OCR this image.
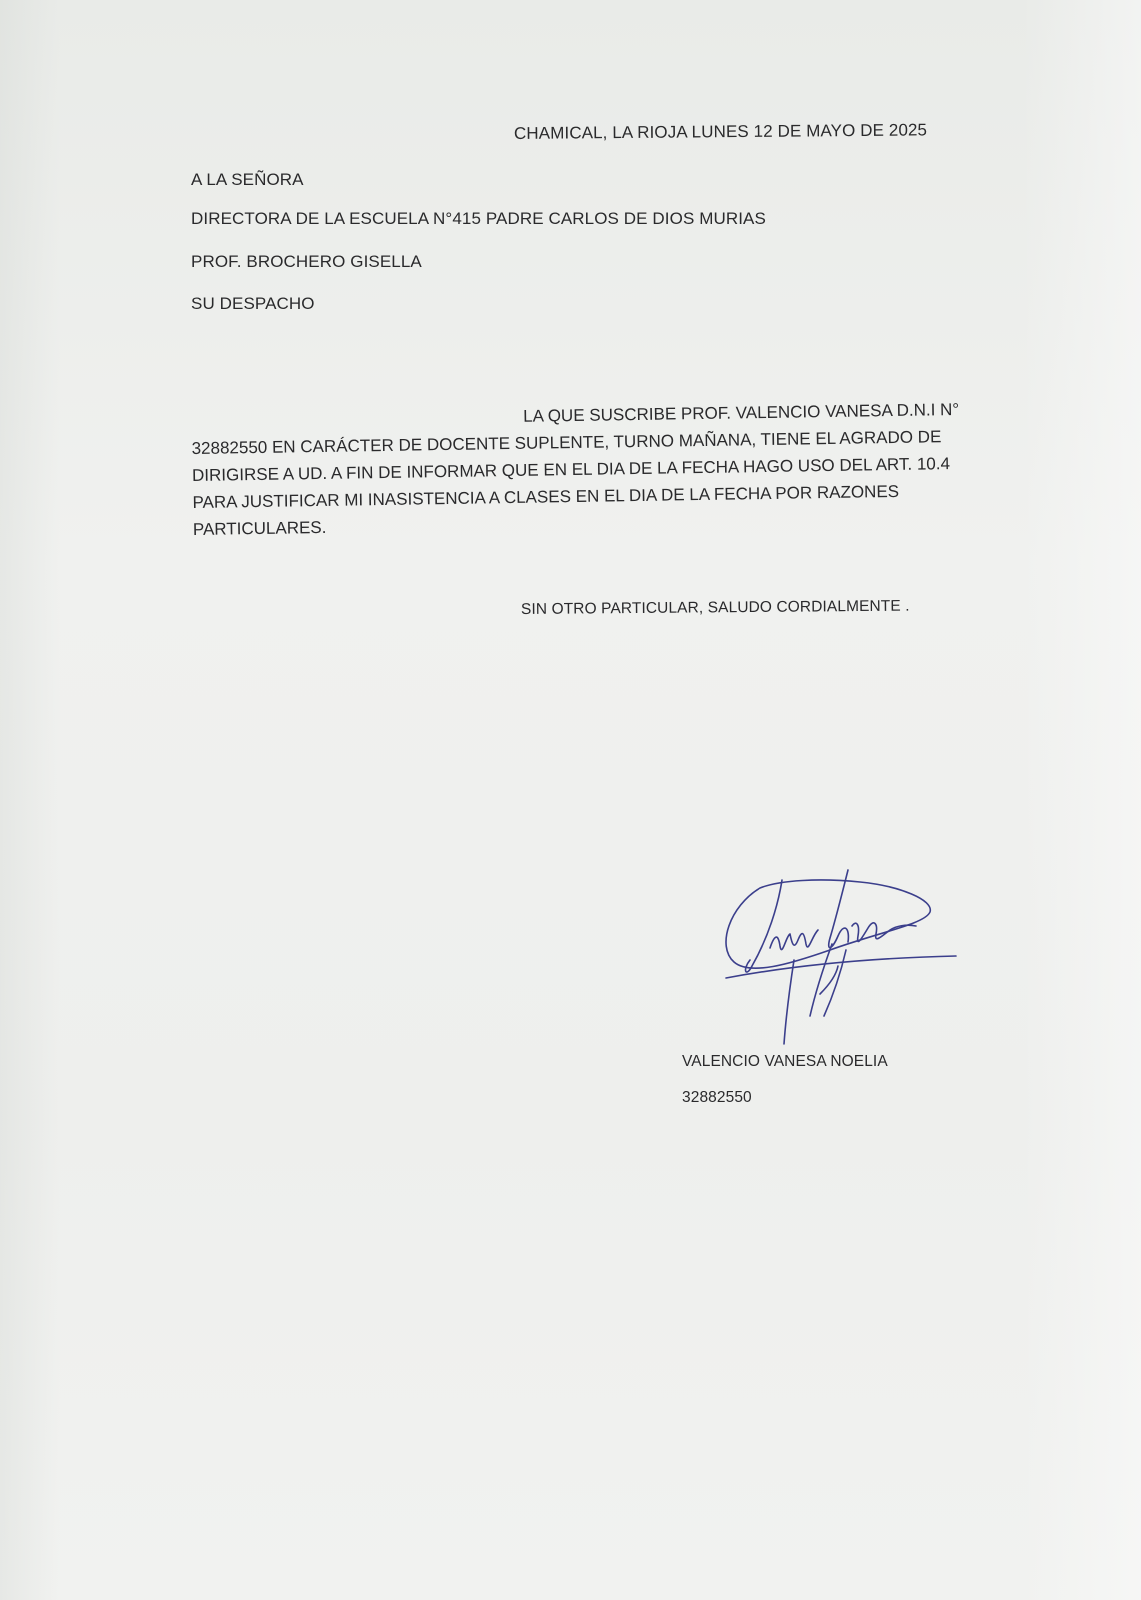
CHAMICAL, LA RIOJA LUNES 12 DE MAYO DE 2025
A LA SEÑORA
DIRECTORA DE LA ESCUELA N°415 PADRE CARLOS DE DIOS MURIAS
PROF. BROCHERO GISELLA
SU DESPACHO
LA QUE SUSCRIBE PROF. VALENCIO VANESA D.N.I N°
32882550 EN CARÁCTER DE DOCENTE SUPLENTE, TURNO MAÑANA, TIENE EL AGRADO DE
DIRIGIRSE A UD. A FIN DE INFORMAR QUE EN EL DIA DE LA FECHA HAGO USO DEL ART. 10.4
PARA JUSTIFICAR MI INASISTENCIA A CLASES EN EL DIA DE LA FECHA POR RAZONES
PARTICULARES.
SIN OTRO PARTICULAR, SALUDO CORDIALMENTE .
VALENCIO VANESA NOELIA
32882550
